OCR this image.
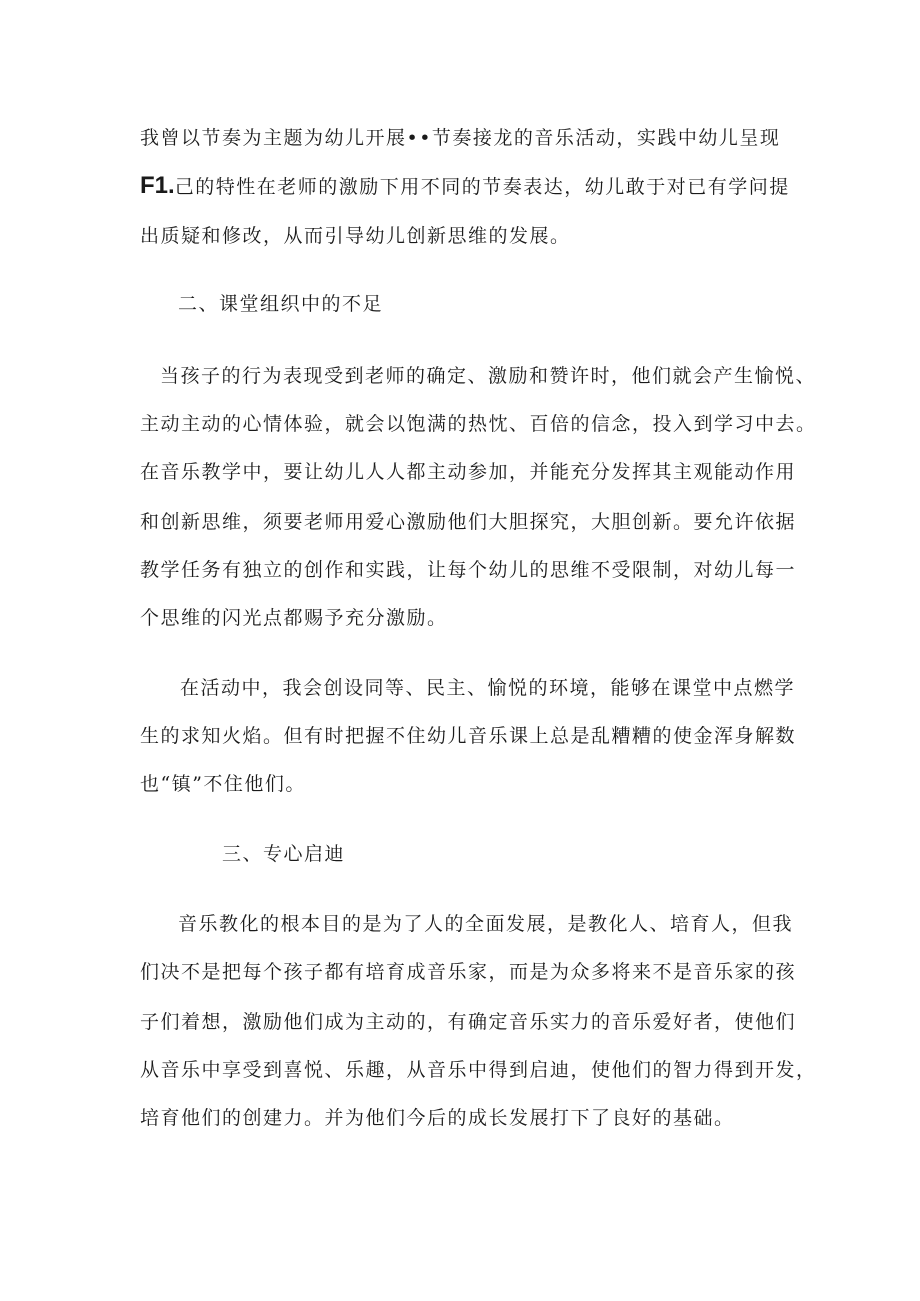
我曾以节奏为主题为幼儿开展••节奏接龙的音乐活动，实践中幼儿呈现
F1.己的特性在老师的激励下用不同的节奏表达，幼儿敢于对已有学问提
出质疑和修改，从而引导幼儿创新思维的发展。
二、课堂组织中的不足
当孩子的行为表现受到老师的确定、激励和赞许时，他们就会产生愉悦、
主动主动的心情体验，就会以饱满的热忱、百倍的信念，投入到学习中去。
在音乐教学中，要让幼儿人人都主动参加，并能充分发挥其主观能动作用
和创新思维，须要老师用爱心激励他们大胆探究，大胆创新。要允许依据
教学任务有独立的创作和实践，让每个幼儿的思维不受限制，对幼儿每一
个思维的闪光点都赐予充分激励。
在活动中，我会创设同等、民主、愉悦的环境，能够在课堂中点燃学
生的求知火焰。但有时把握不住幼儿音乐课上总是乱糟糟的使金浑身解数
也“镇”不住他们。
三、专心启迪
音乐教化的根本目的是为了人的全面发展，是教化人、培育人，但我
们决不是把每个孩子都有培育成音乐家，而是为众多将来不是音乐家的孩
子们着想，激励他们成为主动的，有确定音乐实力的音乐爱好者，使他们
从音乐中享受到喜悦、乐趣，从音乐中得到启迪，使他们的智力得到开发，
培育他们的创建力。并为他们今后的成长发展打下了良好的基础。
